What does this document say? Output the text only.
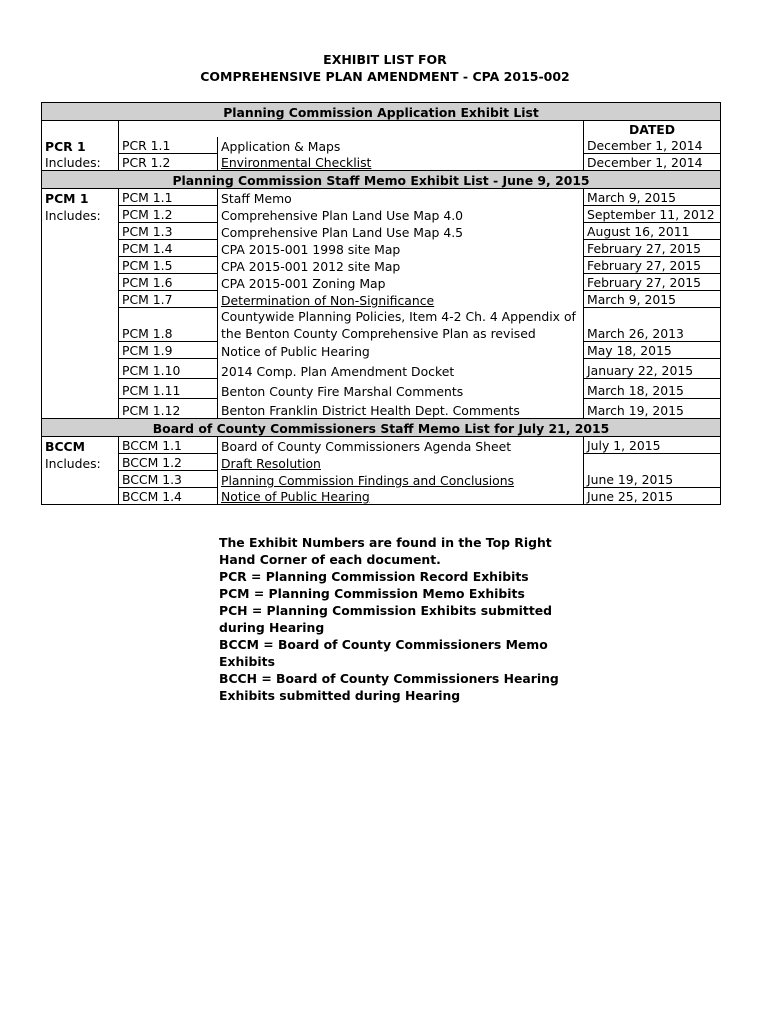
EXHIBIT LIST FOR
COMPREHENSIVE PLAN AMENDMENT - CPA 2015-002
Planning Commission Application Exhibit List			
			DATED
PCR 1	PCR 1.1	Application & Maps	December 1, 2014
Includes:	PCR 1.2	Environmental Checklist	December 1, 2014
Planning Commission Staff Memo Exhibit List - June 9, 2015			
PCM 1	PCM 1.1	Staff Memo	March 9, 2015
Includes:	PCM 1.2	Comprehensive Plan Land Use Map 4.0	September 11, 2012
	PCM 1.3	Comprehensive Plan Land Use Map 4.5	August 16, 2011
	PCM 1.4	CPA 2015-001 1998 site Map	February 27, 2015
	PCM 1.5	CPA 2015-001 2012 site Map	February 27, 2015
	PCM 1.6	CPA 2015-001 Zoning Map	February 27, 2015
	PCM 1.7	Determination of Non-Significance	March 9, 2015
	PCM 1.8	Countywide Planning Policies, Item 4-2 Ch. 4 Appendix of the Benton County Comprehensive Plan as revised	March 26, 2013
	PCM 1.9	Notice of Public Hearing	May 18, 2015
	PCM 1.10	2014 Comp. Plan Amendment Docket	January 22, 2015
	PCM 1.11	Benton County Fire Marshal Comments	March 18, 2015
	PCM 1.12	Benton Franklin District Health Dept. Comments	March 19, 2015
Board of County Commissioners Staff Memo List for July 21, 2015			
BCCM	BCCM 1.1	Board of County Commissioners Agenda Sheet	July 1, 2015
Includes:	BCCM 1.2	Draft Resolution	
	BCCM 1.3	Planning Commission Findings and Conclusions	June 19, 2015
	BCCM 1.4	Notice of Public Hearing	June 25, 2015
The Exhibit Numbers are found in the Top Right
Hand Corner of each document.
PCR = Planning Commission Record Exhibits
PCM = Planning Commission Memo Exhibits
PCH = Planning Commission Exhibits submitted
during Hearing
BCCM = Board of County Commissioners Memo
Exhibits
BCCH = Board of County Commissioners Hearing
Exhibits submitted during Hearing
